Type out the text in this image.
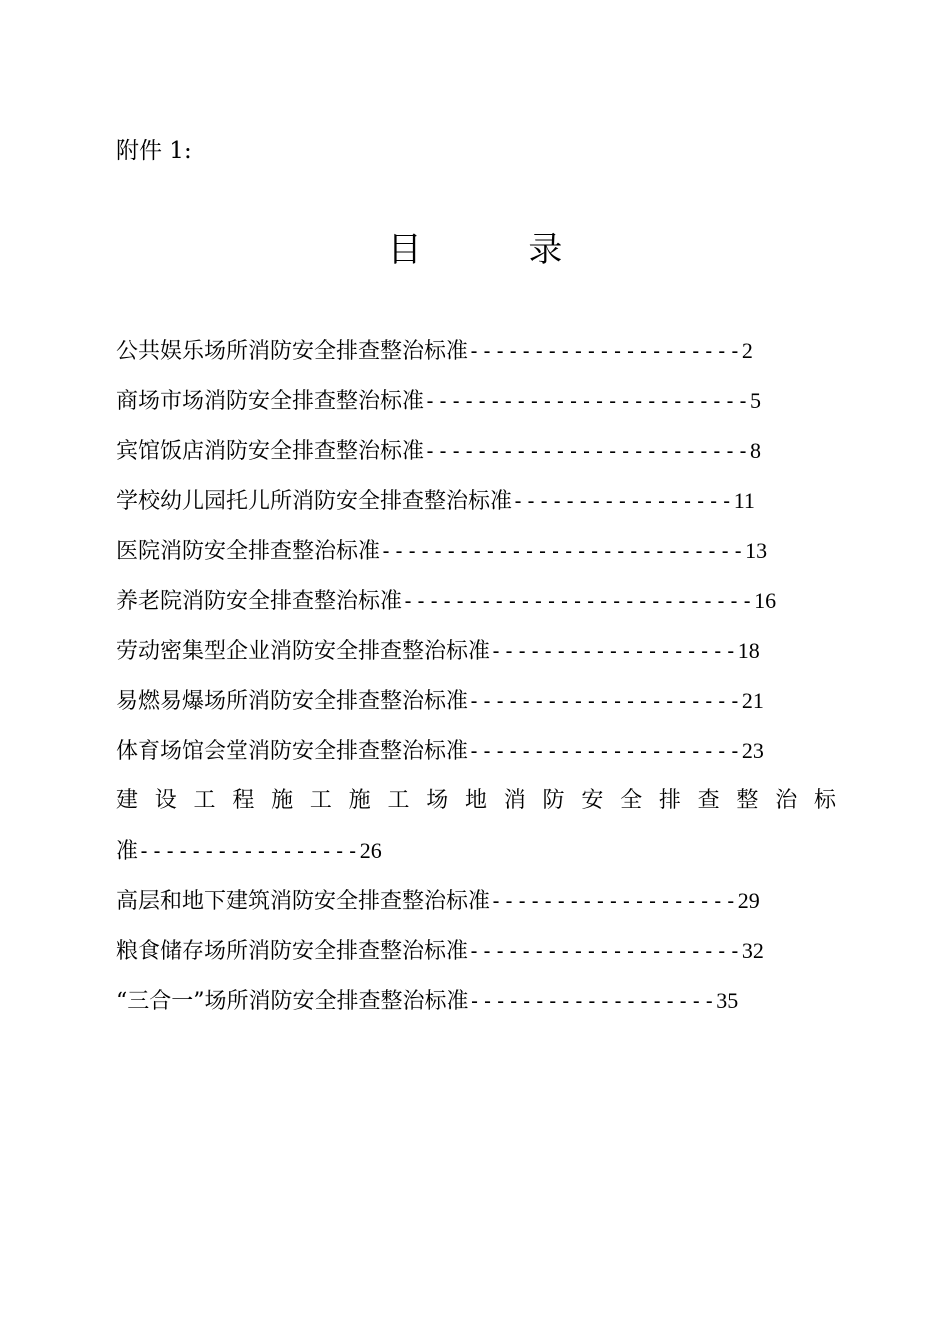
附件 1:
目 录
公共娱乐场所消防安全排查整治标准---------------------2
商场市场消防安全排查整治标准-------------------------5
宾馆饭店消防安全排查整治标准-------------------------8
学校幼儿园托儿所消防安全排查整治标准-----------------11
医院消防安全排查整治标准----------------------------13
养老院消防安全排查整治标准---------------------------16
劳动密集型企业消防安全排查整治标准-------------------18
易燃易爆场所消防安全排查整治标准---------------------21
体育场馆会堂消防安全排查整治标准---------------------23
建设工程施工施工场地消防安全排查整治标
准-----------------26
高层和地下建筑消防安全排查整治标准-------------------29
粮食储存场所消防安全排查整治标准---------------------32
“三合一”场所消防安全排查整治标准-------------------35
